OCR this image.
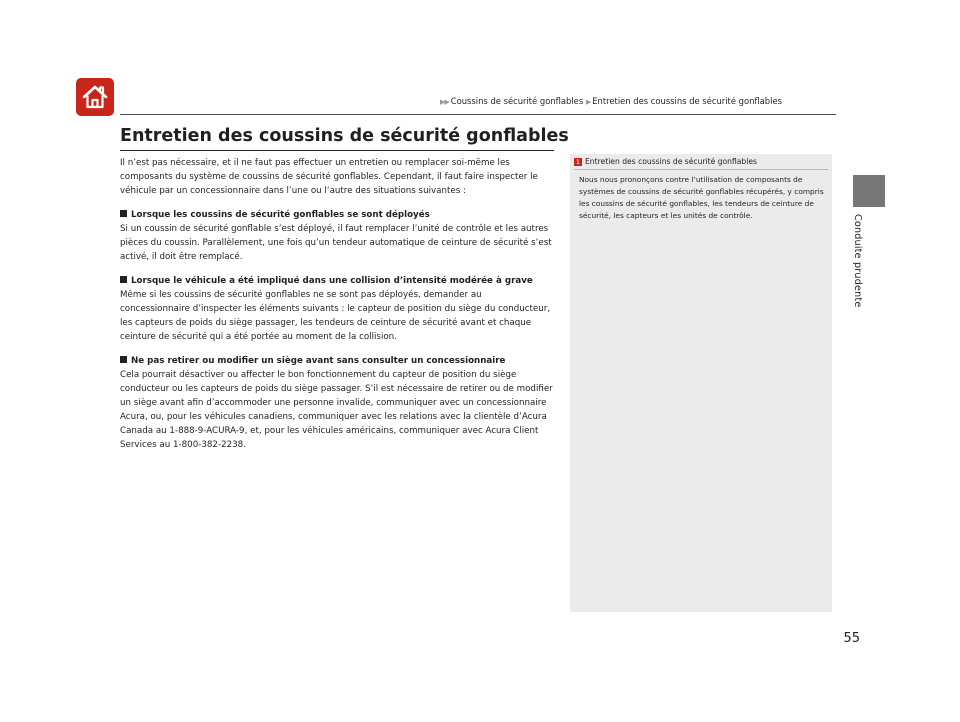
▶▶ Coussins de sécurité gonflables ▶ Entretien des coussins de sécurité gonflables
Conduite prudente
Entretien des coussins de sécurité gonflables

Il n’est pas nécessaire, et il ne faut pas effectuer un entretien ou remplacer soi-même les composants du système de coussins de sécurité gonflables. Cependant, il faut faire inspecter le véhicule par un concessionnaire dans l’une ou l’autre des situations suivantes :

Lorsque les coussins de sécurité gonflables se sont déployés

Si un coussin de sécurité gonflable s’est déployé, il faut remplacer l’unité de contrôle et les autres pièces du coussin. Parallèlement, une fois qu’un tendeur automatique de ceinture de sécurité s’est activé, il doit être remplacé.

Lorsque le véhicule a été impliqué dans une collision d’intensité modérée à grave

Même si les coussins de sécurité gonflables ne se sont pas déployés, demander au concessionnaire d’inspecter les éléments suivants : le capteur de position du siège du conducteur, les capteurs de poids du siège passager, les tendeurs de ceinture de sécurité avant et chaque ceinture de sécurité qui a été portée au moment de la collision.

Ne pas retirer ou modifier un siège avant sans consulter un concessionnaire

Cela pourrait désactiver ou affecter le bon fonctionnement du capteur de position du siège conducteur ou les capteurs de poids du siège passager. S’il est nécessaire de retirer ou de modifier un siège avant afin d’accommoder une personne invalide, communiquer avec un concessionnaire Acura, ou, pour les véhicules canadiens, communiquer avec les relations avec la clientèle d’Acura Canada au 1-888-9-ACURA-9, et, pour les véhicules américains, communiquer avec Acura Client Services au 1-800-382-2238.

1 Entretien des coussins de sécurité gonflables

Nous nous prononçons contre l’utilisation de composants de systèmes de coussins de sécurité gonflables récupérés, y compris les coussins de sécurité gonflables, les tendeurs de ceinture de sécurité, les capteurs et les unités de contrôle.

55
